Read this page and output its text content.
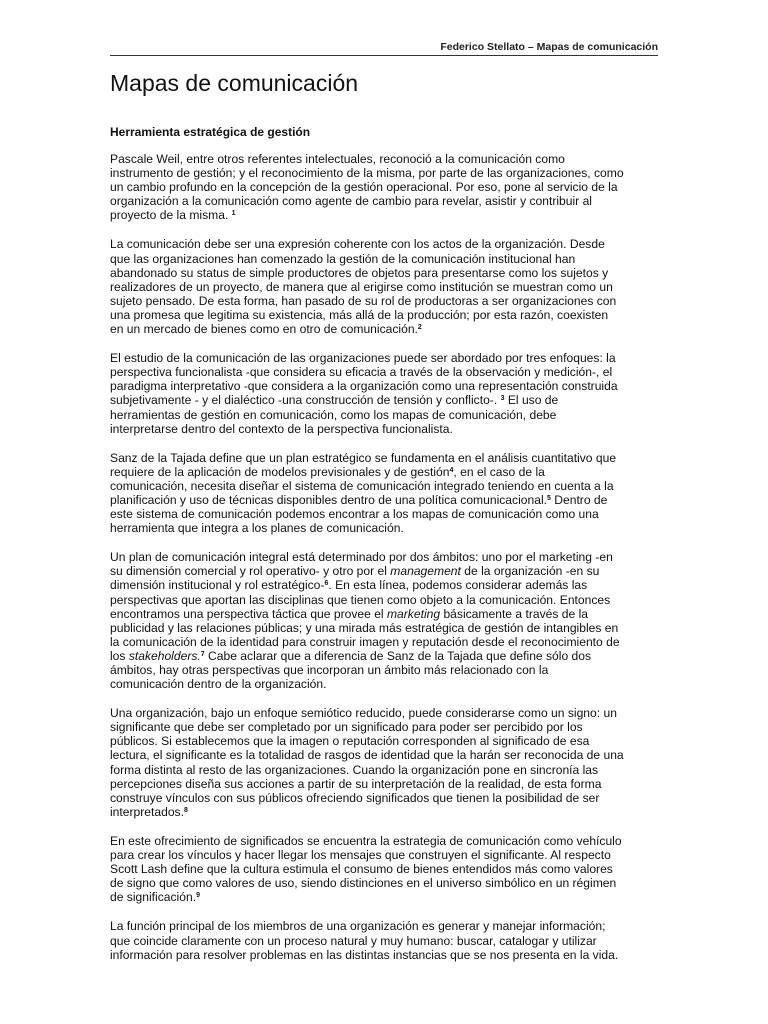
Federico Stellato – Mapas de comunicación
Mapas de comunicación
Herramienta estratégica de gestión

Pascale Weil, entre otros referentes intelectuales, reconoció a la comunicación como
instrumento de gestión; y el reconocimiento de la misma, por parte de las organizaciones, como
un cambio profundo en la concepción de la gestión operacional. Por eso, pone al servicio de la
organización a la comunicación como agente de cambio para revelar, asistir y contribuir al
proyecto de la misma. $^1$

La comunicación debe ser una expresión coherente con los actos de la organización. Desde
que las organizaciones han comenzado la gestión de la comunicación institucional han
abandonado su status de simple productores de objetos para presentarse como los sujetos y
realizadores de un proyecto, de manera que al erigirse como institución se muestran como un
sujeto pensado. De esta forma, han pasado de su rol de productoras a ser organizaciones con
una promesa que legitima su existencia, más allá de la producción; por esta razón, coexisten
en un mercado de bienes como en otro de comunicación.$^2$

El estudio de la comunicación de las organizaciones puede ser abordado por tres enfoques: la
perspectiva funcionalista -que considera su eficacia a través de la observación y medición-, el
paradigma interpretativo -que considera a la organización como una representación construida
subjetivamente - y el dialéctico -una construcción de tensión y conflicto-. $^3$ El uso de
herramientas de gestión en comunicación, como los mapas de comunicación, debe
interpretarse dentro del contexto de la perspectiva funcionalista.

Sanz de la Tajada define que un plan estratégico se fundamenta en el análisis cuantitativo que
requiere de la aplicación de modelos previsionales y de gestión$^4$, en el caso de la
comunicación, necesita diseñar el sistema de comunicación integrado teniendo en cuenta a la
planificación y uso de técnicas disponibles dentro de una política comunicacional.$^5$ Dentro de
este sistema de comunicación podemos encontrar a los mapas de comunicación como una
herramienta que integra a los planes de comunicación.

Un plan de comunicación integral está determinado por dos ámbitos: uno por el marketing -en
su dimensión comercial y rol operativo- y otro por el management de la organización -en su
dimensión institucional y rol estratégico-$^6$. En esta línea, podemos considerar además las
perspectivas que aportan las disciplinas que tienen como objeto a la comunicación. Entonces
encontramos una perspectiva táctica que provee el marketing básicamente a través de la
publicidad y las relaciones públicas; y una mirada más estratégica de gestión de intangibles en
la comunicación de la identidad para construir imagen y reputación desde el reconocimiento de
los stakeholders.$^7$ Cabe aclarar que a diferencia de Sanz de la Tajada que define sólo dos
ámbitos, hay otras perspectivas que incorporan un ámbito más relacionado con la
comunicación dentro de la organización.

Una organización, bajo un enfoque semiótico reducido, puede considerarse como un signo: un
significante que debe ser completado por un significado para poder ser percibido por los
públicos. Si establecemos que la imagen o reputación corresponden al significado de esa
lectura, el significante es la totalidad de rasgos de identidad que la harán ser reconocida de una
forma distinta al resto de las organizaciones. Cuando la organización pone en sincronía las
percepciones diseña sus acciones a partir de su interpretación de la realidad, de esta forma
construye vínculos con sus públicos ofreciendo significados que tienen la posibilidad de ser
interpretados.$^8$

En este ofrecimiento de significados se encuentra la estrategia de comunicación como vehículo
para crear los vínculos y hacer llegar los mensajes que construyen el significante. Al respecto
Scott Lash define que la cultura estimula el consumo de bienes entendidos más como valores
de signo que como valores de uso, siendo distinciones en el universo simbólico en un régimen
de significación.$^9$

La función principal de los miembros de una organización es generar y manejar información;
que coincide claramente con un proceso natural y muy humano: buscar, catalogar y utilizar
información para resolver problemas en las distintas instancias que se nos presenta en la vida.
